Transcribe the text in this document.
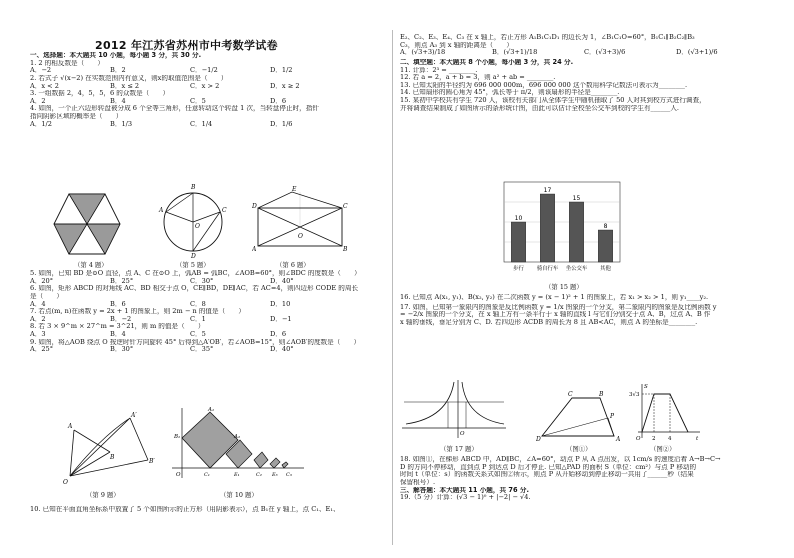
2012 年江苏省苏州市中考数学试卷
一、选择题：本大题共 10 小题，每小题 3 分，共 30 分.
1. 2 的相反数是（　　）
A．−2	B．2	C．−1/2	D．1/2
2. 若式子 √(x−2) 在实数范围内有意义，则x的取值范围是（　　）
A．x < 2	B．x ≤ 2	C．x > 2	D．x ≥ 2
3. 一组数据 2，4，5，5，6 的众数是（　　）
A．2	B．4	C．5	D．6
4. 如图，一个正六边形转盘被分成 6 个全等三角形，任意转动这个转盘 1 次，当转盘停止时，指针
指向阴影区域的概率是（　　）
A．1/2	B．1/3	C．1/4	D．1/6
（第 4 题）
B
A	C
O
D
（第 5 题）
E
D	C
A	B
O
（第 6 题）
5. 如图，已知 BD 是⊙O 直径，点 A、C 在⊙O 上，弧AB = 弧BC，∠AOB=60°，则∠BDC 的度数是（　　）
A．20°	B．25°	C．30°	D．40°
6. 如图，矩形 ABCD 的对角线 AC、BD 相交于点 O，CE∥BD，DE∥AC，若 AC=4，则四边形 CODE 的周长
是（　　）
A．4	B．6	C．8	D．10
7. 若点(m, n)在函数 y = 2x + 1 的图象上，则 2m − n 的值是（　　）
A．2	B．−2	C．1	D．−1
8. 若 3 × 9^m × 27^m = 3^21，则 m 的值是（　　）
A．3	B．4	C．5	D．6
9. 如图，将△AOB 绕点 O 按逆时针方向旋转 45° 后得到△A′OB′，若∠AOB=15°，则∠AOB′的度数是（　　）
A．25°	B．30°	C．35°	D．40°
A
A′
B′
B
O
（第 9 题）
A₁
B₁	A₂
O	C₁	E₁	C₂ E₃ C₃
（第 10 题）
10. 已知在平面直角坐标系中放置了 5 个如图所示的正方形（用阴影表示），点 B₁在 y 轴上，点 C₁、E₁、
E₂、C₂、E₃、E₄、C₃ 在 x 轴上，若正方形 A₁B₁C₁D₁ 的边长为 1，∠B₁C₁O=60°，B₁C₁∥B₂C₂∥B₃
C₃，则点 A₃ 到 x 轴的距离是（　　）
A．(√3+3)/18	B．(√3+1)/18	C．(√3+3)/6	D．(√3+1)/6
二、填空题：本大题共 8 个小题，每小题 3 分，共 24 分.
11. 计算：2³ = ________.
12. 若 a = 2，a + b = 3，则 a² + ab = ________.
13. 已知太阳的半径约为 696 000 000m，696 000 000 这个数用科学记数法可表示为________.
14. 已知扇形的圆心角为 45°，弧长等于 π/2，则该扇形的半径是________.
15. 某初中学校共有学生 720 人，该校有关部门从全体学生中随机抽取了 50 人对其到校方式进行调查，
并将调查结果制成了如图所示的条形统计图，由此可以估计全校坐公交车到校的学生有______人.
10
步行
17
骑自行车
15
坐公交车
8
其他
（第 15 题）
16. 已知点 A(x₁, y₁)、B(x₂, y₂) 在二次函数 y = (x − 1)² + 1 的图象上，若 x₁ > x₂ > 1，则 y₁____y₂.
17. 如图，已知第一象限内的图象是反比例函数 y = 1/x 图象的一个分支，第二象限内的图象是反比例函数 y
= −2/x 图象的一个分支，在 x 轴上方有一条平行于 x 轴的直线 l 与它们分别交于点 A、B，过点 A、B 作
x 轴的垂线，垂足分别为 C、D. 若四边形 ACDB 的周长为 8 且 AB<AC，则点 A 的坐标是________.
O
（第 17 题）
D
C	B
P
A
（图①）
3√3
S
2 4
O	t
（图②）
18. 如图①，在梯形 ABCD 中，AD∥BC，∠A=60°，动点 P 从 A 点出发，以 1cm/s 的速度沿着 A→B→C→
D 的方向不停移动，直到点 P 到达点 D 后才停止. 已知△PAD 的面积 S（单位：cm²）与点 P 移动的
时间 t（单位：s）的函数关系式如图②所示，则点 P 从开始移动到停止移动一共用了______秒（结果
保留根号）.
三、解答题：本大题共 11 小题，共 76 分.
19.（5 分）计算：(√3 − 1)⁰ + |−2| − √4.
